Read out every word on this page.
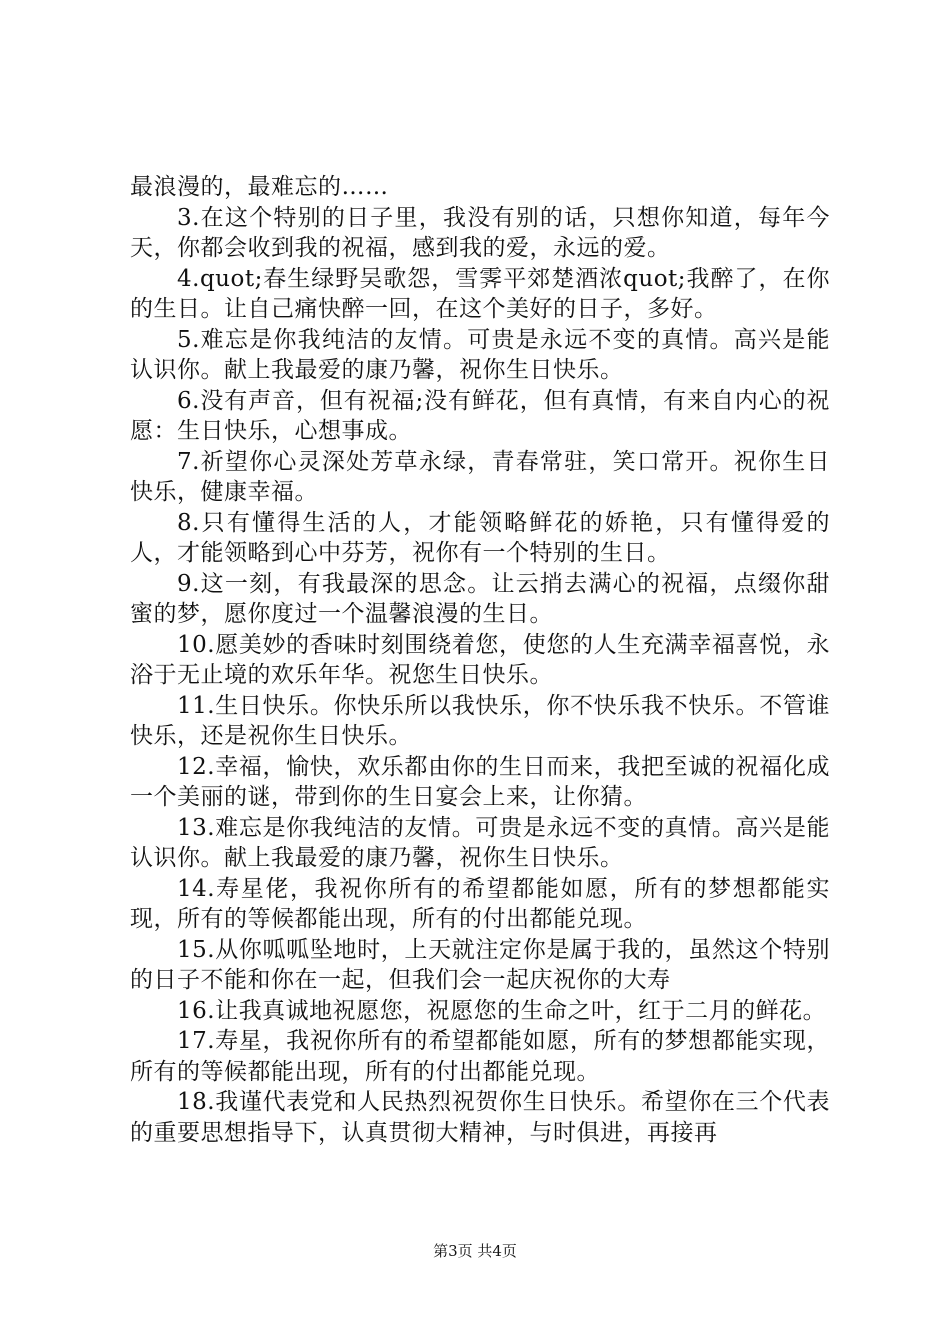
最浪漫的，最难忘的……

3.在这个特别的日子里，我没有别的话，只想你知道，每年今天，你都会收到我的祝福，感到我的爱，永远的爱。

4.quot;春生绿野吴歌怨，雪霁平郊楚酒浓quot;我醉了，在你的生日。让自己痛快醉一回，在这个美好的日子，多好。

5.难忘是你我纯洁的友情。可贵是永远不变的真情。高兴是能认识你。献上我最爱的康乃馨，祝你生日快乐。

6.没有声音，但有祝福;没有鲜花，但有真情，有来自内心的祝愿：生日快乐，心想事成。

7.祈望你心灵深处芳草永绿，青春常驻，笑口常开。祝你生日快乐，健康幸福。

8.只有懂得生活的人，才能领略鲜花的娇艳，只有懂得爱的人，才能领略到心中芬芳，祝你有一个特别的生日。

9.这一刻，有我最深的思念。让云捎去满心的祝福，点缀你甜蜜的梦，愿你度过一个温馨浪漫的生日。

10.愿美妙的香味时刻围绕着您，使您的人生充满幸福喜悦，永浴于无止境的欢乐年华。祝您生日快乐。

11.生日快乐。你快乐所以我快乐，你不快乐我不快乐。不管谁快乐，还是祝你生日快乐。

12.幸福，愉快，欢乐都由你的生日而来，我把至诚的祝福化成一个美丽的谜，带到你的生日宴会上来，让你猜。

13.难忘是你我纯洁的友情。可贵是永远不变的真情。高兴是能认识你。献上我最爱的康乃馨，祝你生日快乐。

14.寿星佬，我祝你所有的希望都能如愿，所有的梦想都能实现，所有的等候都能出现，所有的付出都能兑现。

15.从你呱呱坠地时，上天就注定你是属于我的，虽然这个特别的日子不能和你在一起，但我们会一起庆祝你的大寿

16.让我真诚地祝愿您，祝愿您的生命之叶，红于二月的鲜花。

17.寿星，我祝你所有的希望都能如愿，所有的梦想都能实现，所有的等候都能出现，所有的付出都能兑现。

18.我谨代表党和人民热烈祝贺你生日快乐。希望你在三个代表的重要思想指导下，认真贯彻大精神，与时俱进，再接再

第3页 共4页
